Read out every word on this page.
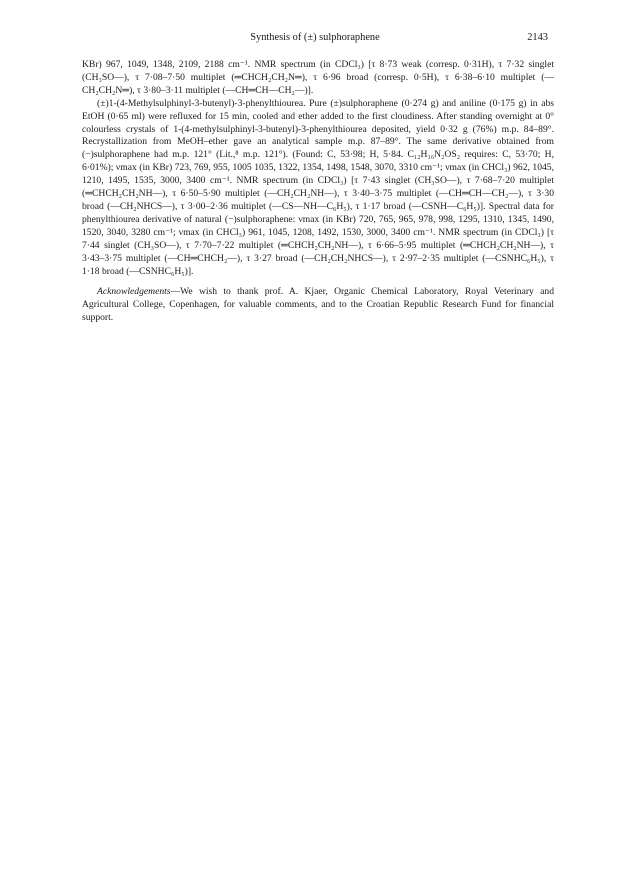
Synthesis of (±) sulphoraphene	2143

KBr) 967, 1049, 1348, 2109, 2188 cm⁻¹. NMR spectrum (in CDCl₃) [τ 8·73 weak (corresp. 0·31H), τ 7·32 singlet (CH₃SO—), τ 7·08–7·50 multiplet (═CHCH₂CH₂N═), τ 6·96 broad (corresp. 0·5H), τ 6·38–6·10 multiplet (—CH₂CH₂N═), τ 3·80–3·11 multiplet (—CH═CH—CH₂—)].

(±)1-(4-Methylsulphinyl-3-butenyl)-3-phenylthiourea. Pure (±)sulphoraphene (0·274 g) and aniline (0·175 g) in abs EtOH (0·65 ml) were refluxed for 15 min, cooled and ether added to the first cloudiness. After standing overnight at 0° colourless crystals of 1-(4-methylsulphinyl-3-butenyl)-3-phenylthiourea deposited, yield 0·32 g (76%) m.p. 84–89°. Recrystallization from MeOH–ether gave an analytical sample m.p. 87–89°. The same derivative obtained from (−)sulphoraphene had m.p. 121° (Lit.,⁸ m.p. 121°). (Found: C, 53·98; H, 5·84. C₁₂H₁₆N₂OS₂ requires: C, 53·70; H, 6·01%); νmax (in KBr) 723, 769, 955, 1005 1035, 1322, 1354, 1498, 1548, 3070, 3310 cm⁻¹; νmax (in CHCl₃) 962, 1045, 1210, 1495, 1535, 3000, 3400 cm⁻¹. NMR spectrum (in CDCl₃) [τ 7·43 singlet (CH₃SO—), τ 7·68–7·20 multiplet (═CHCH₂CH₂NH—), τ 6·50–5·90 multiplet (—CH₂CH₂NH—), τ 3·40–3·75 multiplet (—CH═CH—CH₂—), τ 3·30 broad (—CH₂NHCS—), τ 3·00–2·36 multiplet (—CS—NH—C₆H₅), τ 1·17 broad (—CSNH—C₆H₅)]. Spectral data for phenylthiourea derivative of natural (−)sulphoraphene: νmax (in KBr) 720, 765, 965, 978, 998, 1295, 1310, 1345, 1490, 1520, 3040, 3280 cm⁻¹; νmax (in CHCl₃) 961, 1045, 1208, 1492, 1530, 3000, 3400 cm⁻¹. NMR spectrum (in CDCl₃) [τ 7·44 singlet (CH₃SO—), τ 7·70–7·22 multiplet (═CHCH₂CH₂NH—), τ 6·66–5·95 multiplet (═CHCH₂CH₂NH—), τ 3·43–3·75 multiplet (—CH═CHCH₂—), τ 3·27 broad (—CH₂CH₂NHCS—), τ 2·97–2·35 multiplet (—CSNHC₆H₅), τ 1·18 broad (—CSNHC₆H₅)].

Acknowledgements—We wish to thank prof. A. Kjaer, Organic Chemical Laboratory, Royal Veterinary and Agricultural College, Copenhagen, for valuable comments, and to the Croatian Republic Research Fund for financial support.
